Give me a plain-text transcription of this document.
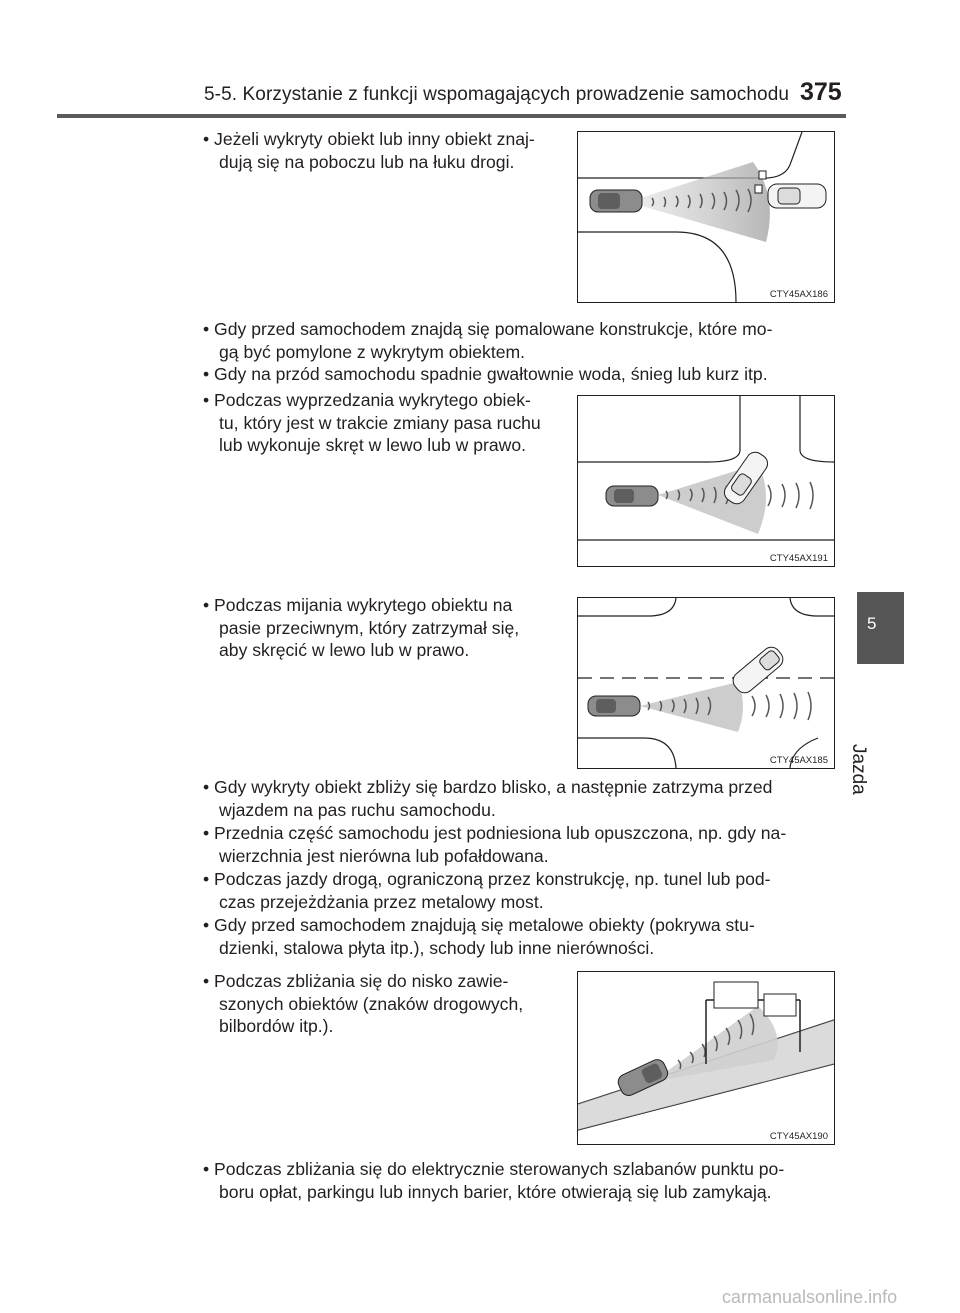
5-5. Korzystanie z funkcji wspomagających prowadzenie samochodu 375
5
Jazda
• Jeżeli wykryty obiekt lub inny obiekt znaj-
dują się na poboczu lub na łuku drogi.
• Gdy przed samochodem znajdą się pomalowane konstrukcje, które mo-
gą być pomylone z wykrytym obiektem.
• Gdy na przód samochodu spadnie gwałtownie woda, śnieg lub kurz itp.
• Podczas wyprzedzania wykrytego obiek-
tu, który jest w trakcie zmiany pasa ruchu
lub wykonuje skręt w lewo lub w prawo.
• Podczas mijania wykrytego obiektu na
pasie przeciwnym, który zatrzymał się,
aby skręcić w lewo lub w prawo.
• Gdy wykryty obiekt zbliży się bardzo blisko, a następnie zatrzyma przed
wjazdem na pas ruchu samochodu.
• Przednia część samochodu jest podniesiona lub opuszczona, np. gdy na-
wierzchnia jest nierówna lub pofałdowana.
• Podczas jazdy drogą, ograniczoną przez konstrukcję, np. tunel lub pod-
czas przejeżdżania przez metalowy most.
• Gdy przed samochodem znajdują się metalowe obiekty (pokrywa stu-
dzienki, stalowa płyta itp.), schody lub inne nierówności.
• Podczas zbliżania się do nisko zawie-
szonych obiektów (znaków drogowych,
bilbordów itp.).
• Podczas zbliżania się do elektrycznie sterowanych szlabanów punktu po-
boru opłat, parkingu lub innych barier, które otwierają się lub zamykają.
CTY45AX186
CTY45AX191
CTY45AX185
CTY45AX190
carmanualsonline.info
